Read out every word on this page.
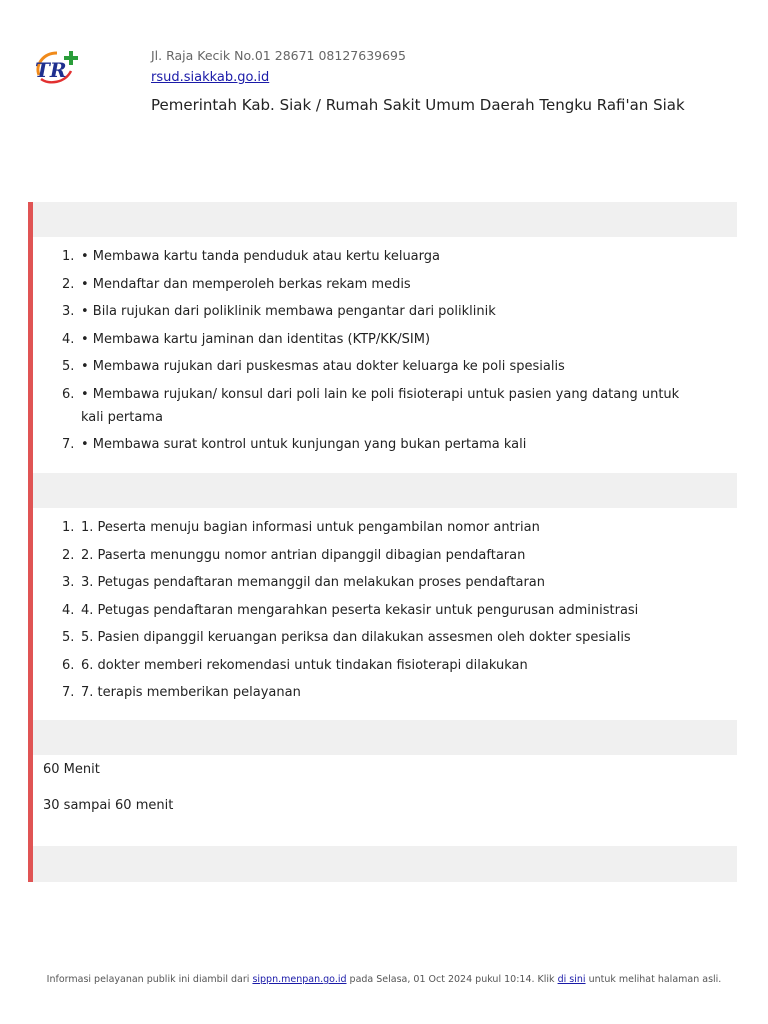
TR
Jl. Raja Kecik No.01 28671 08127639695
rsud.siakkab.go.id
Pemerintah Kab. Siak / Rumah Sakit Umum Daerah Tengku Rafi'an Siak
1. • Membawa kartu tanda penduduk atau kertu keluarga
2. • Mendaftar dan memperoleh berkas rekam medis
3. • Bila rujukan dari poliklinik membawa pengantar dari poliklinik
4. • Membawa kartu jaminan dan identitas (KTP/KK/SIM)
5. • Membawa rujukan dari puskesmas atau dokter keluarga ke poli spesialis
6. • Membawa rujukan/ konsul dari poli lain ke poli fisioterapi untuk pasien yang datang untuk kali pertama
7. • Membawa surat kontrol untuk kunjungan yang bukan pertama kali
1. 1. Peserta menuju bagian informasi untuk pengambilan nomor antrian
2. 2. Paserta menunggu nomor antrian dipanggil dibagian pendaftaran
3. 3. Petugas pendaftaran memanggil dan melakukan proses pendaftaran
4. 4. Petugas pendaftaran mengarahkan peserta kekasir untuk pengurusan administrasi
5. 5. Pasien dipanggil keruangan periksa dan dilakukan assesmen oleh dokter spesialis
6. 6. dokter memberi rekomendasi untuk tindakan fisioterapi dilakukan
7. 7. terapis memberikan pelayanan
60 Menit
30 sampai 60 menit
Informasi pelayanan publik ini diambil dari sippn.menpan.go.id pada Selasa, 01 Oct 2024 pukul 10:14. Klik di sini untuk melihat halaman asli.
